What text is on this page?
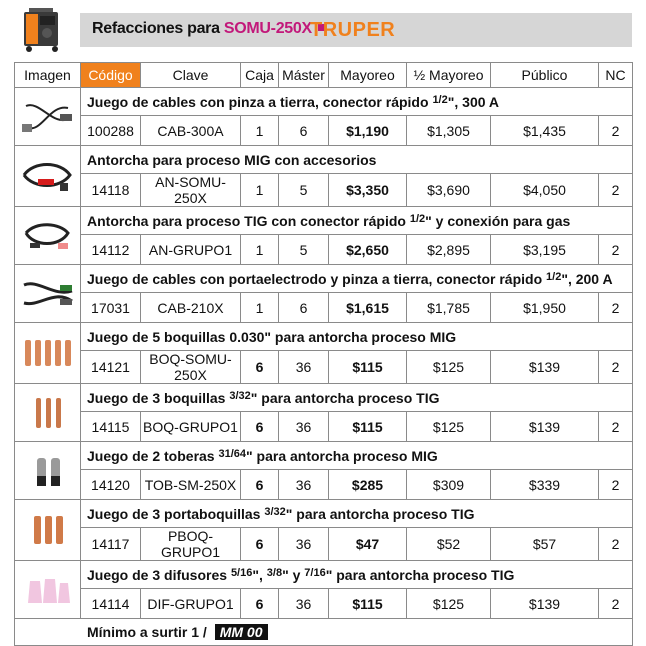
Refacciones para SOMU-250X
TRUPER
Imagen	Código	Clave	Caja	Máster	Mayoreo	½ Mayoreo	Público	NC

	Juego de cables con pinza a tierra, conector rápido $^{1/2}$", 300 A							
	100288	CAB-300A	1	6	$1,190	$1,305	$1,435	2

	Antorcha para proceso MIG con accesorios							
	14118	AN-SOMU-250X	1	5	$3,350	$3,690	$4,050	2

	Antorcha para proceso TIG con conector rápido $^{1/2}$" y conexión para gas							
	14112	AN-GRUPO1	1	5	$2,650	$2,895	$3,195	2

	Juego de cables con portaelectrodo y pinza a tierra, conector rápido $^{1/2}$", 200 A							
	17031	CAB-210X	1	6	$1,615	$1,785	$1,950	2

	Juego de 5 boquillas 0.030" para antorcha proceso MIG							
	14121	BOQ-SOMU-250X	6	36	$115	$125	$139	2

	Juego de 3 boquillas $^{3/32}$" para antorcha proceso TIG							
	14115	BOQ-GRUPO1	6	36	$115	$125	$139	2

	Juego de 2 toberas $^{31/64}$" para antorcha proceso MIG							
	14120	TOB-SM-250X	6	36	$285	$309	$339	2

	Juego de 3 portaboquillas $^{3/32}$" para antorcha proceso TIG							
	14117	PBOQ-GRUPO1	6	36	$47	$52	$57	2

	Juego de 3 difusores $^{5/16}$", $^{3/8}$" y $^{7/16}$" para antorcha proceso TIG							
	14114	DIF-GRUPO1	6	36	$115	$125	$139	2
Mínimo a surtir 1 / MM 00								
